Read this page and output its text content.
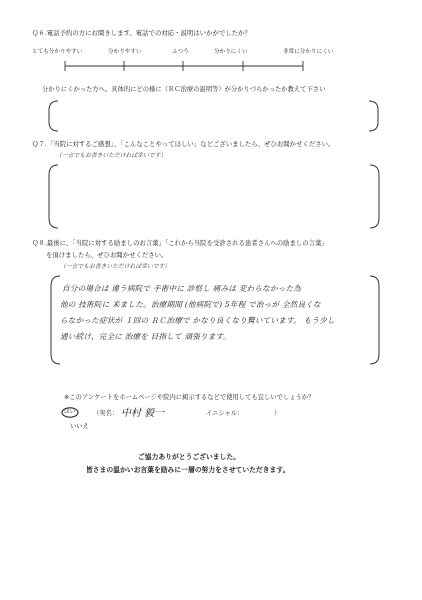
Ｑ６.電話予約の方にお聞きします。電話での対応・説明はいかがでしたか？
とても分かりやすい	分かりやすい	ふつう	分かりにくい	非常に分かりにくい
分かりにくかった方へ。具体的にどの様に（ＲＣ治療の説明等）が分かりづらかったか教えて下さい
Ｑ７.「当院に対するご感想」、「こんなことやってほしい」などございましたら、ぜひお聞かせください。
（一言でもお書きいただければ幸いです）
Ｑ８.最後に、「当院に対する励ましのお言葉」「これから当院を受診される患者さんへの励ましの言葉」
を頂けましたら、ぜひお聞かせください。
（一言でもお書きいただければ幸いです）
自分の場合は 違う病院で 手術中に 診察し 痛みは 変わらなかった為
他の 技術院に 来ました。治療期間 (他病院で) 5年程 で治っが 全然良くな
らなかった症状が １回の ＲＣ治療で かなり良くなり驚いています。 もう少し
通い続け、完全に 治療を 目指して 頑張ります。
※このアンケートをホームページや院内に掲示するなどで使用しても宜しいでしょうか？
はい	（実名： 中村 毅一	イニシャル：	）
いいえ
ご協力ありがとうございました。
皆さまの温かいお言葉を励みに一層の努力をさせていただきます。
